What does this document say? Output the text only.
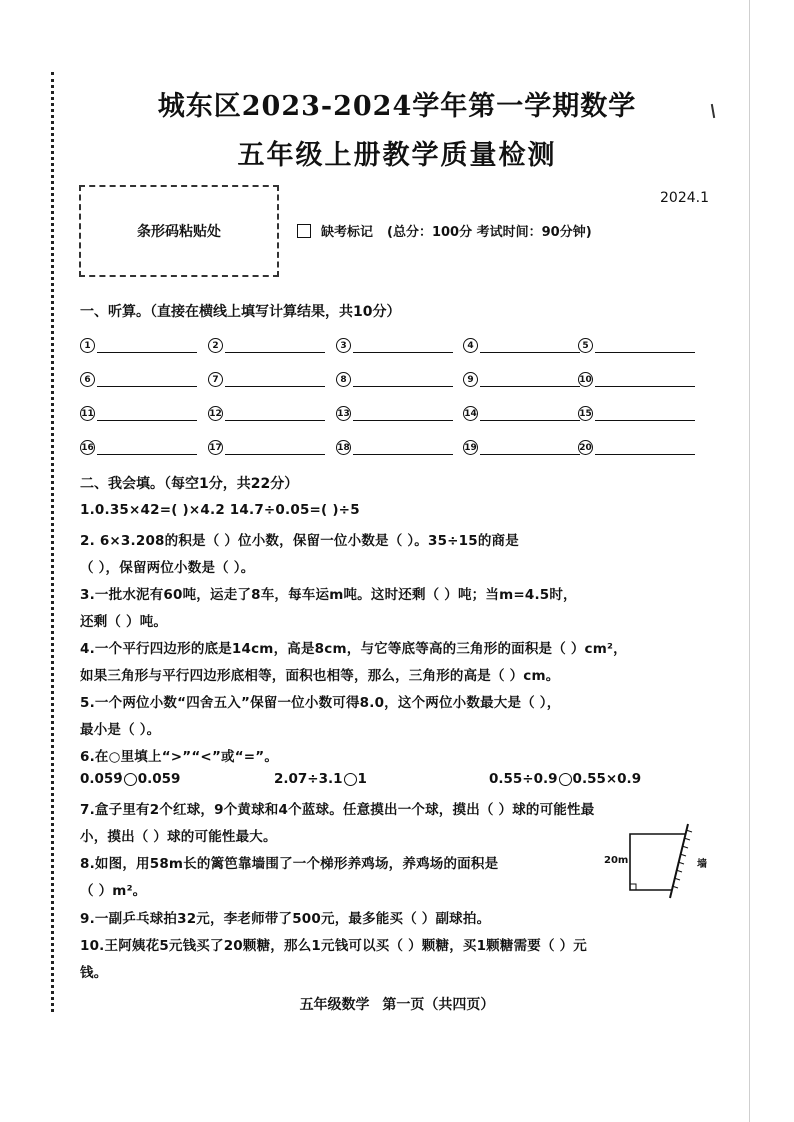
城东区2023-2024学年第一学期数学
五年级上册教学质量检测
2024.1
条形码粘贴处	缺考标记 (总分：100分 考试时间：90分钟)
一、听算。（直接在横线上填写计算结果，共10分）
1	2	3	4	5
6	7	8	9	10
11	12	13	14	15
16	17	18	19	20
二、我会填。（每空1分，共22分）
1.0.35×42=( )×4.2 14.7÷0.05=( )÷5
2. 6×3.208的积是（ ）位小数，保留一位小数是（ ）。35÷15的商是
（ ），保留两位小数是（ ）。
3.一批水泥有60吨，运走了8车，每车运m吨。这时还剩（ ）吨；当m=4.5时，
还剩（ ）吨。
4.一个平行四边形的底是14cm，高是8cm，与它等底等高的三角形的面积是（ ）cm²，
如果三角形与平行四边形底相等，面积也相等，那么，三角形的高是（ ）cm。
5.一个两位小数“四舍五入”保留一位小数可得8.0，这个两位小数最大是（ ），
最小是（ ）。
6.在○里填上“>”“<”或“=”。
0.05̇9̇ 0.059	2.07÷3.1 1	0.55÷0.9 0.55×0.9
7.盒子里有2个红球，9个黄球和4个蓝球。任意摸出一个球，摸出（ ）球的可能性最
小，摸出（ ）球的可能性最大。
8.如图，用58m长的篱笆靠墙围了一个梯形养鸡场，养鸡场的面积是
（ ）m²。
9.一副乒乓球拍32元，李老师带了500元，最多能买（ ）副球拍。
10.王阿姨花5元钱买了20颗糖，那么1元钱可以买（ ）颗糖，买1颗糖需要（ ）元
钱。
20m	墙
五年级数学 第一页（共四页）
